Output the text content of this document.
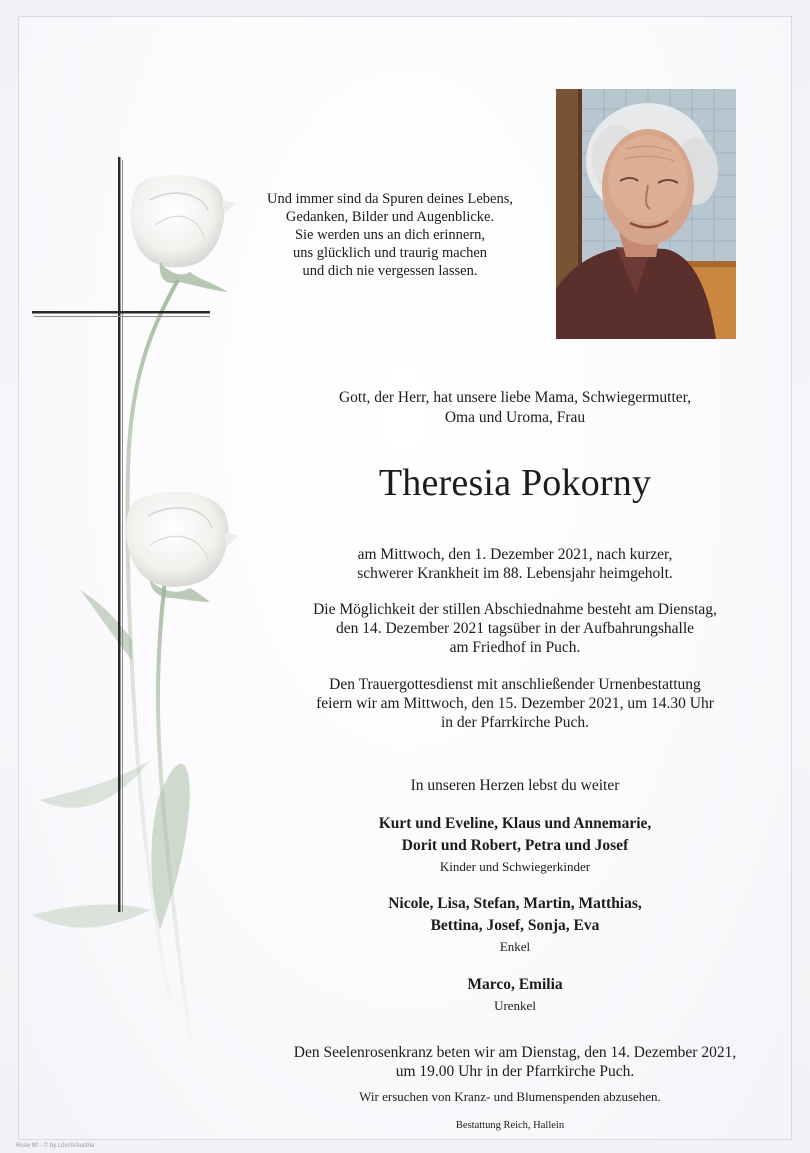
Und immer sind da Spuren deines Lebens,
Gedanken, Bilder und Augenblicke.
Sie werden uns an dich erinnern,
uns glücklich und traurig machen
und dich nie vergessen lassen.
Gott, der Herr, hat unsere liebe Mama, Schwiegermutter,
Oma und Uroma, Frau
Theresia Pokorny
am Mittwoch, den 1. Dezember 2021, nach kurzer,
schwerer Krankheit im 88. Lebensjahr heimgeholt.
Die Möglichkeit der stillen Abschiednahme besteht am Dienstag,
den 14. Dezember 2021 tagsüber in der Aufbahrungshalle
am Friedhof in Puch.
Den Trauergottesdienst mit anschließender Urnenbestattung
feiern wir am Mittwoch, den 15. Dezember 2021, um 14.30 Uhr
in der Pfarrkirche Puch.
In unseren Herzen lebst du weiter
Kurt und Eveline, Klaus und Annemarie,
Dorit und Robert, Petra und Josef
Kinder und Schwiegerkinder
Nicole, Lisa, Stefan, Martin, Matthias,
Bettina, Josef, Sonja, Eva
Enkel
Marco, Emilia
Urenkel
Den Seelenrosenkranz beten wir am Dienstag, den 14. Dezember 2021,
um 19.00 Uhr in der Pfarrkirche Puch.
Wir ersuchen von Kranz- und Blumenspenden abzusehen.
Bestattung Reich, Hallein
Rose 90 - © by Lösch/Austria
